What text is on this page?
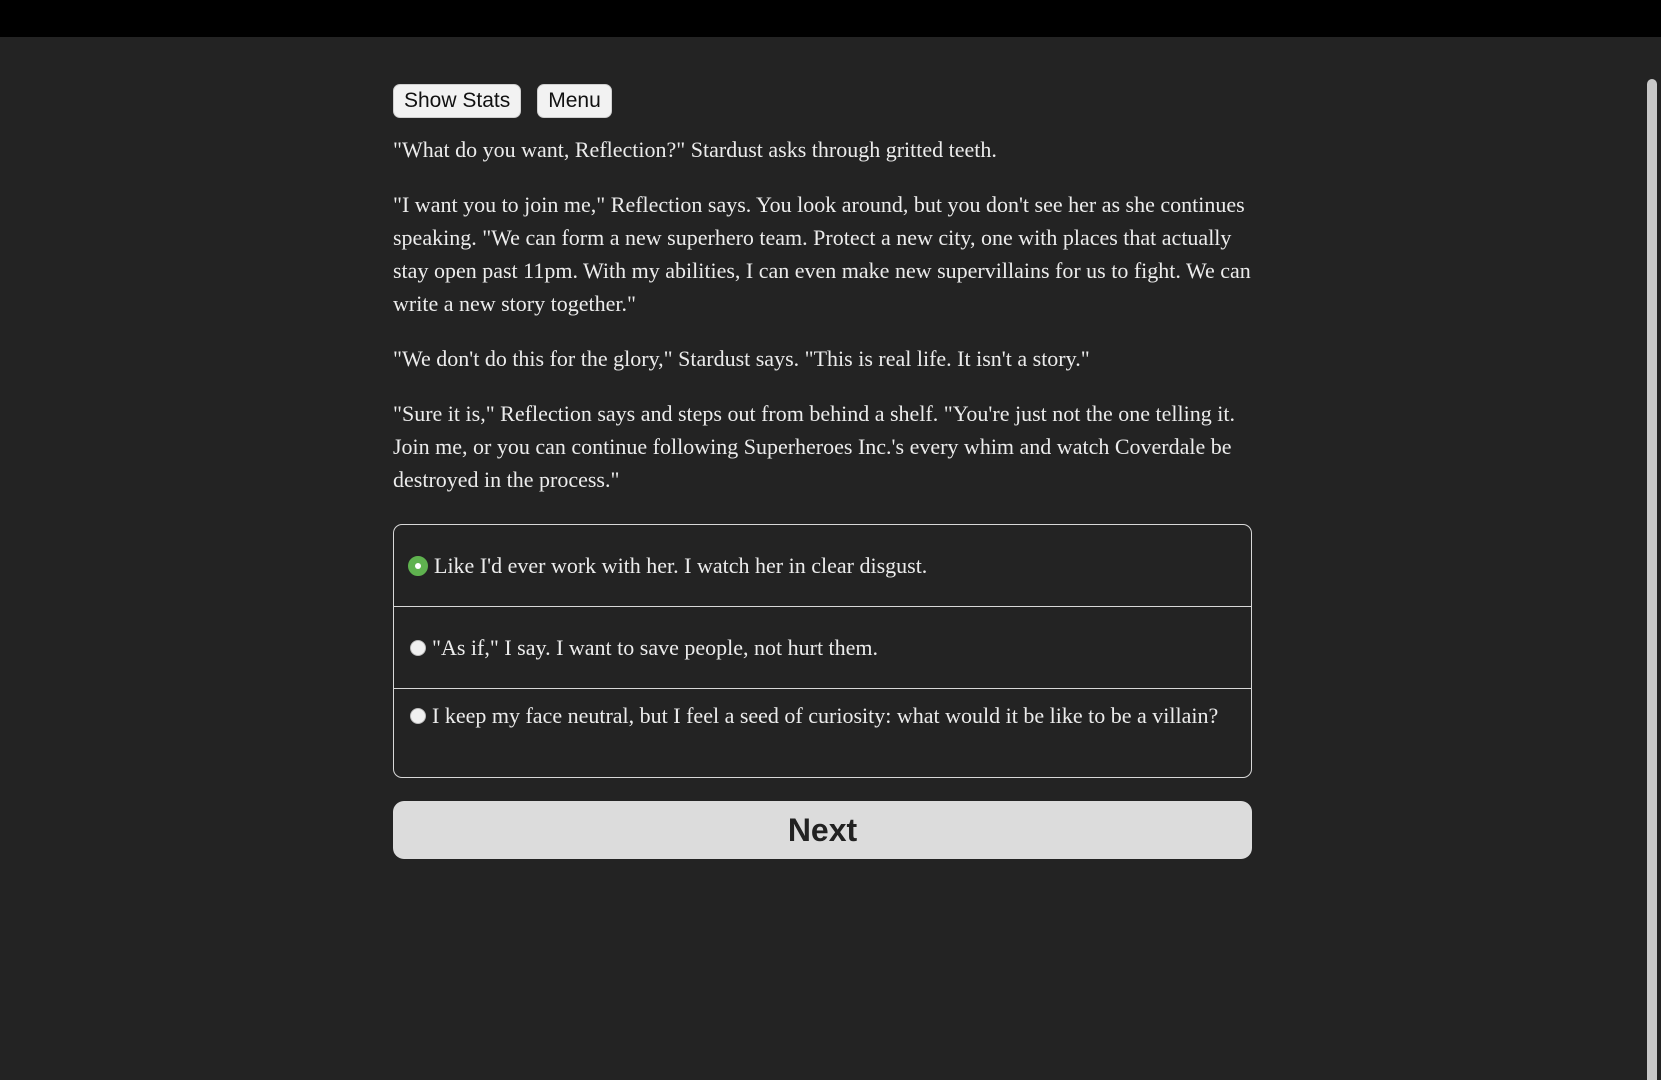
Show Stats	Menu

"What do you want, Reflection?" Stardust asks through gritted teeth.

"I want you to join me," Reflection says. You look around, but you don't see her as she continues speaking. "We can form a new superhero team. Protect a new city, one with places that actually stay open past 11pm. With my abilities, I can even make new supervillains for us to fight. We can write a new story together."

"We don't do this for the glory," Stardust says. "This is real life. It isn't a story."

"Sure it is," Reflection says and steps out from behind a shelf. "You're just not the one telling it. Join me, or you can continue following Superheroes Inc.'s every whim and watch Coverdale be destroyed in the process."

Like I'd ever work with her. I watch her in clear disgust.
"As if," I say. I want to save people, not hurt them.
I keep my face neutral, but I feel a seed of curiosity: what would it be like to be a villain?
Next
